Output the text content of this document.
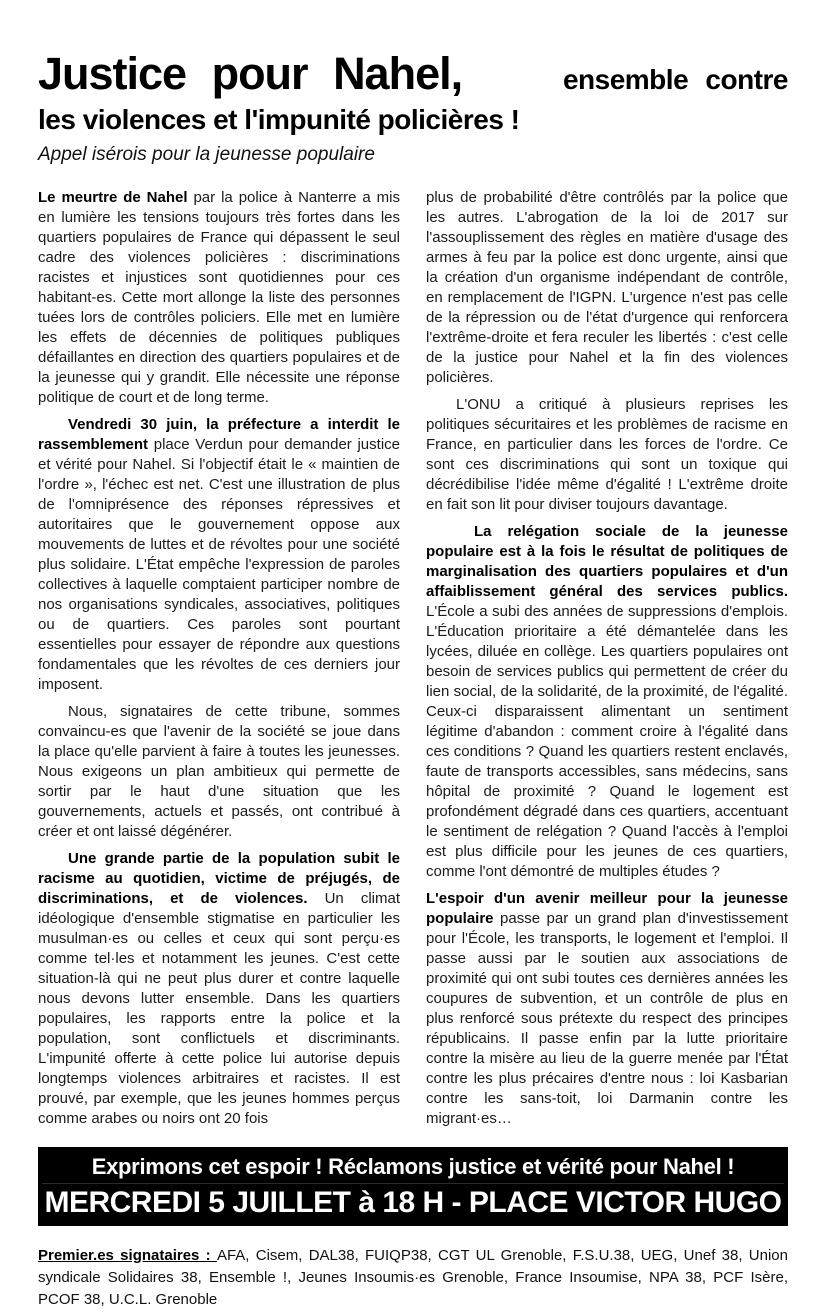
Justice pour Nahel,	ensemble contre
les violences et l'impunité policières !
Appel isérois pour la jeunesse populaire

Le meurtre de Nahel par la police à Nanterre a mis en lumière les tensions toujours très fortes dans les quartiers populaires de France qui dépassent le seul cadre des violences policières : discriminations racistes et injustices sont quotidiennes pour ces habitant-es. Cette mort allonge la liste des personnes tuées lors de contrôles policiers. Elle met en lumière les effets de décennies de politiques publiques défaillantes en direction des quartiers populaires et de la jeunesse qui y grandit. Elle nécessite une réponse politique de court et de long terme.

Vendredi 30 juin, la préfecture a interdit le rassemblement place Verdun pour demander justice et vérité pour Nahel. Si l'objectif était le « maintien de l'ordre », l'échec est net. C'est une illustration de plus de l'omniprésence des réponses répressives et autoritaires que le gouvernement oppose aux mouvements de luttes et de révoltes pour une société plus solidaire. L'État empêche l'expression de paroles collectives à laquelle comptaient participer nombre de nos organisations syndicales, associatives, politiques ou de quartiers. Ces paroles sont pourtant essentielles pour essayer de répondre aux questions fondamentales que les révoltes de ces derniers jour imposent.

Nous, signataires de cette tribune, sommes convaincu-es que l'avenir de la société se joue dans la place qu'elle parvient à faire à toutes les jeunesses. Nous exigeons un plan ambitieux qui permette de sortir par le haut d'une situation que les gouvernements, actuels et passés, ont contribué à créer et ont laissé dégénérer.

Une grande partie de la population subit le racisme au quotidien, victime de préjugés, de discriminations, et de violences. Un climat idéologique d'ensemble stigmatise en particulier les musulman·es ou celles et ceux qui sont perçu·es comme tel·les et notamment les jeunes. C'est cette situation-là qui ne peut plus durer et contre laquelle nous devons lutter ensemble. Dans les quartiers populaires, les rapports entre la police et la population, sont conflictuels et discriminants. L'impunité offerte à cette police lui autorise depuis longtemps violences arbitraires et racistes. Il est prouvé, par exemple, que les jeunes hommes perçus comme arabes ou noirs ont 20 fois

plus de probabilité d'être contrôlés par la police que les autres. L'abrogation de la loi de 2017 sur l'assouplissement des règles en matière d'usage des armes à feu par la police est donc urgente, ainsi que la création d'un organisme indépendant de contrôle, en remplacement de l'IGPN. L'urgence n'est pas celle de la répression ou de l'état d'urgence qui renforcera l'extrême-droite et fera reculer les libertés : c'est celle de la justice pour Nahel et la fin des violences policières.

L'ONU a critiqué à plusieurs reprises les politiques sécuritaires et les problèmes de racisme en France, en particulier dans les forces de l'ordre. Ce sont ces discriminations qui sont un toxique qui décrédibilise l'idée même d'égalité ! L'extrême droite en fait son lit pour diviser toujours davantage.

La relégation sociale de la jeunesse populaire est à la fois le résultat de politiques de marginalisation des quartiers populaires et d'un affaiblissement général des services publics. L'École a subi des années de suppressions d'emplois. L'Éducation prioritaire a été démantelée dans les lycées, diluée en collège. Les quartiers populaires ont besoin de services publics qui permettent de créer du lien social, de la solidarité, de la proximité, de l'égalité. Ceux-ci disparaissent alimentant un sentiment légitime d'abandon : comment croire à l'égalité dans ces conditions ? Quand les quartiers restent enclavés, faute de transports accessibles, sans médecins, sans hôpital de proximité ? Quand le logement est profondément dégradé dans ces quartiers, accentuant le sentiment de relégation ? Quand l'accès à l'emploi est plus difficile pour les jeunes de ces quartiers, comme l'ont démontré de multiples études ?

L'espoir d'un avenir meilleur pour la jeunesse populaire passe par un grand plan d'investissement pour l'École, les transports, le logement et l'emploi. Il passe aussi par le soutien aux associations de proximité qui ont subi toutes ces dernières années les coupures de subvention, et un contrôle de plus en plus renforcé sous prétexte du respect des principes républicains. Il passe enfin par la lutte prioritaire contre la misère au lieu de la guerre menée par l'État contre les plus précaires d'entre nous : loi Kasbarian contre les sans-toit, loi Darmanin contre les migrant·es…

Exprimons cet espoir ! Réclamons justice et vérité pour Nahel !
MERCREDI 5 JUILLET à 18 H - PLACE VICTOR HUGO

Premier.es signataires : AFA, Cisem, DAL38, FUIQP38, CGT UL Grenoble, F.S.U.38, UEG, Unef 38, Union syndicale Solidaires 38, Ensemble !, Jeunes Insoumis·es Grenoble, France Insoumise, NPA 38, PCF Isère, PCOF 38, U.C.L. Grenoble
